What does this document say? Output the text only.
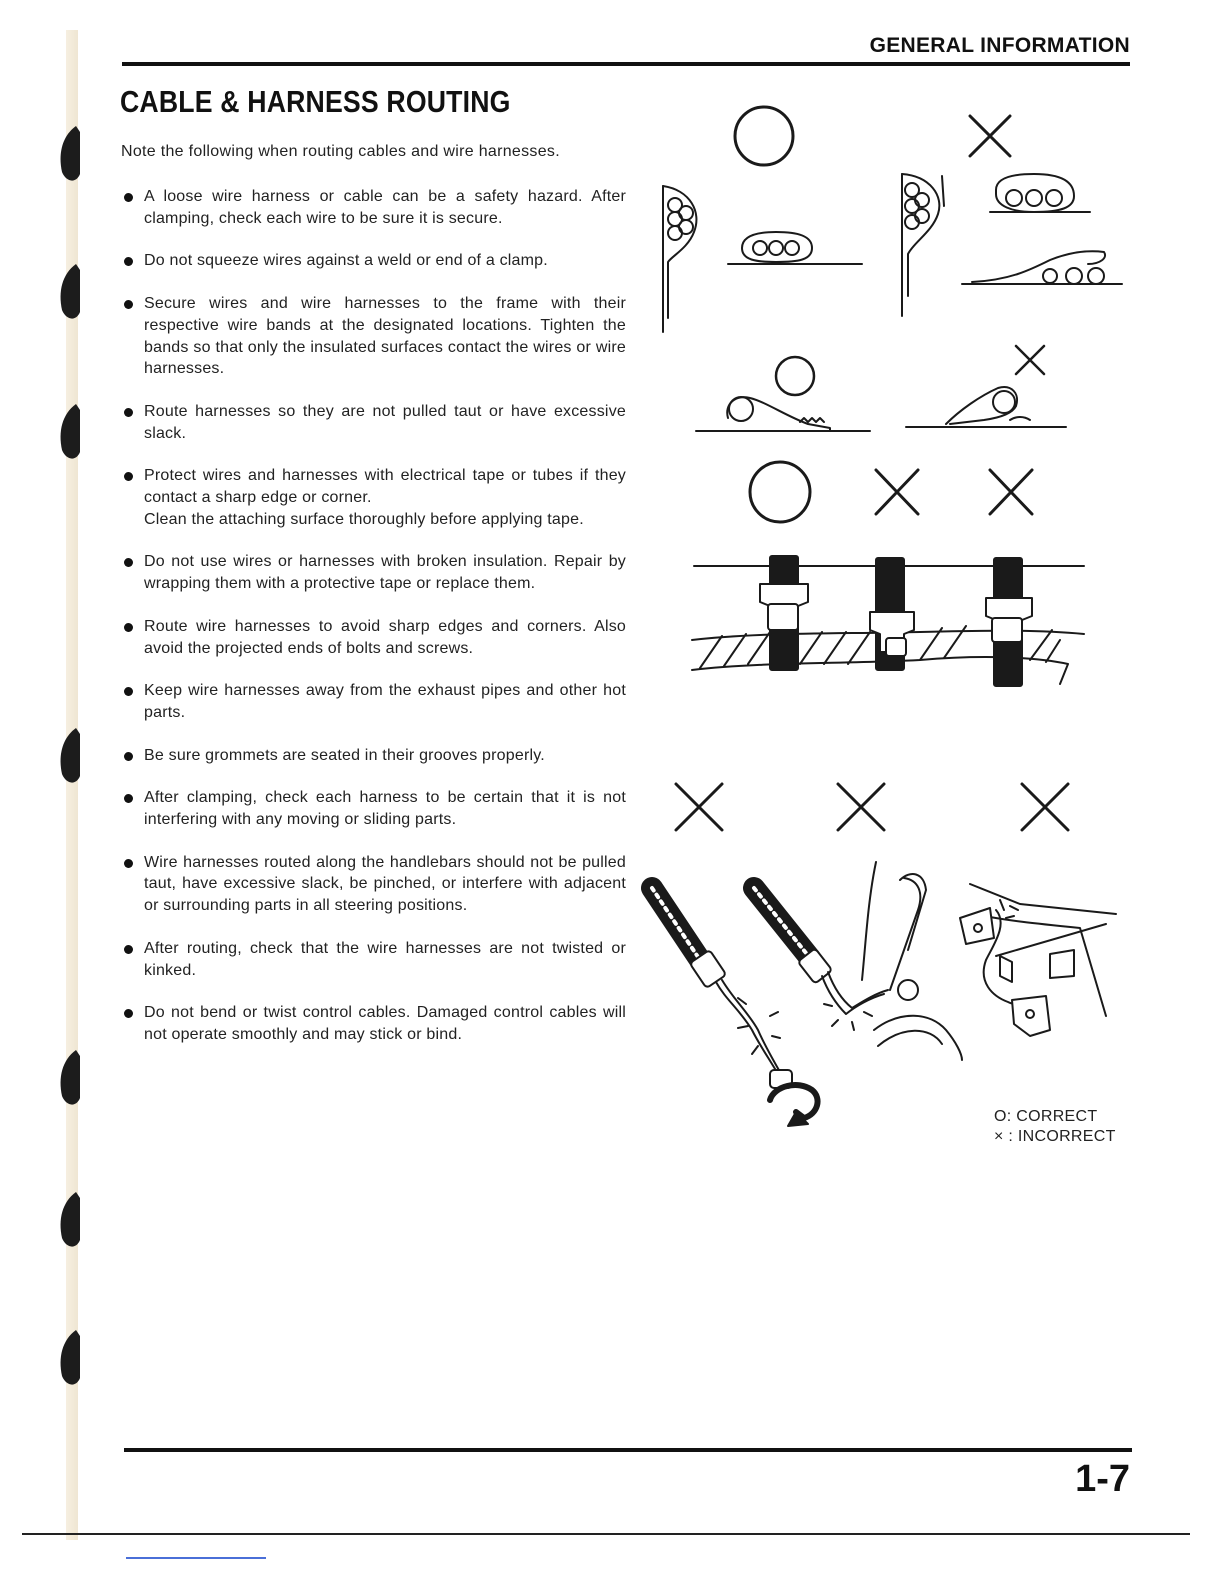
GENERAL INFORMATION
CABLE & HARNESS ROUTING
Note the following when routing cables and wire harnesses.
A loose wire harness or cable can be a safety hazard. After clamping, check each wire to be sure it is secure.
Do not squeeze wires against a weld or end of a clamp.
Secure wires and wire harnesses to the frame with their respective wire bands at the designated locations. Tighten the bands so that only the insulated surfaces contact the wires or wire harnesses.
Route harnesses so they are not pulled taut or have excessive slack.
Protect wires and harnesses with electrical tape or tubes if they contact a sharp edge or corner.
Clean the attaching surface thoroughly before applying tape.
Do not use wires or harnesses with broken insulation. Repair by wrapping them with a protective tape or replace them.
Route wire harnesses to avoid sharp edges and corners. Also avoid the projected ends of bolts and screws.
Keep wire harnesses away from the exhaust pipes and other hot parts.
Be sure grommets are seated in their grooves properly.
After clamping, check each harness to be certain that it is not interfering with any moving or sliding parts.
Wire harnesses routed along the handlebars should not be pulled taut, have excessive slack, be pinched, or interfere with adjacent or surrounding parts in all steering positions.
After routing, check that the wire harnesses are not twisted or kinked.
Do not bend or twist control cables. Damaged control cables will not operate smoothly and may stick or bind.
O: CORRECT
× : INCORRECT
1-7
